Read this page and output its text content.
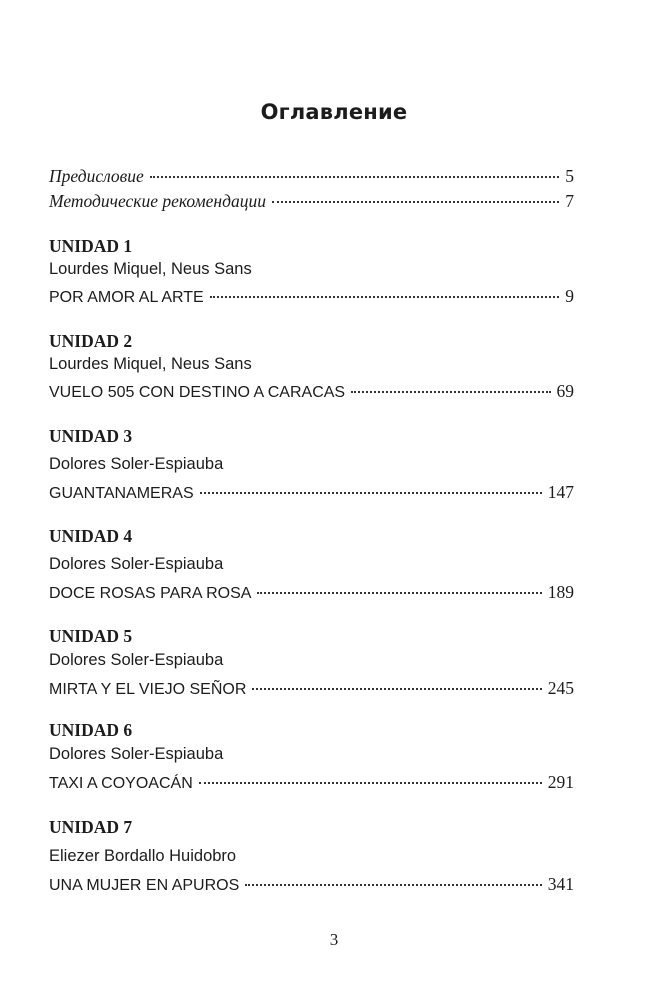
Оглавление
Предисловие	5
Методические рекомендации	7
UNIDAD 1
Lourdes Miquel, Neus Sans
POR AMOR AL ARTE	9
UNIDAD 2
Lourdes Miquel, Neus Sans
VUELO 505 CON DESTINO A CARACAS	69
UNIDAD 3
Dolores Soler-Espiauba
GUANTANAMERAS	147
UNIDAD 4
Dolores Soler-Espiauba
DOCE ROSAS PARA ROSA	189
UNIDAD 5
Dolores Soler-Espiauba
MIRTA Y EL VIEJO SEÑOR	245
UNIDAD 6
Dolores Soler-Espiauba
TAXI A COYOACÁN	291
UNIDAD 7
Eliezer Bordallo Huidobro
UNA MUJER EN APUROS	341
3
